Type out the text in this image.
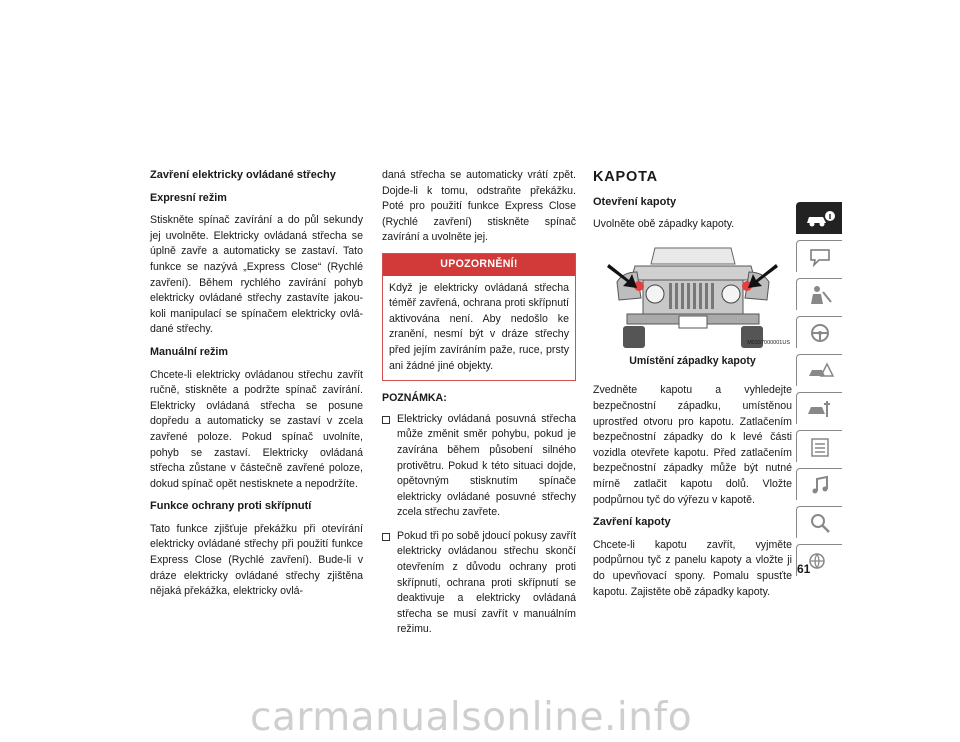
Zavření elektricky ovládané střechy
Expresní režim

Stiskněte spínač zavírání a do půl sekundy jej uvolněte. Elektricky ovládaná střecha se úplně zavře a automaticky se zastaví. Tato funkce se nazývá „Express Close“ (Rychlé zavření). Během rychlého zavírání pohyb elektricky ovládané střechy zastavíte jakoukoli manipulací se spínačem elektricky ovládané střechy.

Manuální režim

Chcete-li elektricky ovládanou střechu zavřít ručně, stiskněte a podržte spínač zavírání. Elektricky ovládaná střecha se posune dopředu a automaticky se zastaví v zcela zavřené poloze. Pokud spínač uvolníte, pohyb se zastaví. Elektricky ovládaná střecha zůstane v částečně zavřené poloze, dokud spínač opět nestisknete a nepodržíte.

Funkce ochrany proti skřípnutí

Tato funkce zjišťuje překážku při otevírání elektricky ovládané střechy při použití funkce Express Close (Rychlé zavření). Bude-li v dráze elektricky ovládané střechy zjištěna nějaká překážka, elektricky ovlá-

daná střecha se automaticky vrátí zpět. Dojde-li k tomu, odstraňte překážku. Poté pro použití funkce Express Close (Rychlé zavření) stiskněte spínač zavírání a uvolněte jej.

UPOZORNĚNÍ!
Když je elektricky ovládaná střecha téměř zavřená, ochrana proti skřípnutí aktivována není. Aby nedošlo ke zranění, nesmí být v dráze střechy před jejím zavíráním paže, ruce, prsty ani žádné jiné objekty.
POZNÁMKA:
Elektricky ovládaná posuvná střecha může změnit směr pohybu, pokud je zavírána během působení silného protivětru. Pokud k této situaci dojde, opětovným stisknutím spínače elektricky ovládané posuvné střechy zcela střechu zavřete.
Pokud tři po sobě jdoucí pokusy zavřít elektricky ovládanou střechu skončí otevřením z důvodu ochrany proti skřípnutí, ochrana proti skřípnutí se deaktivuje a elektricky ovládaná střecha se musí zavřít v manuálním režimu.
KAPOTA
Otevření kapoty

Uvolněte obě západky kapoty.

M0337000001US
Umístění západky kapoty

Zvedněte kapotu a vyhledejte bezpečnostní západku, umístěnou uprostřed otvoru pro kapotu. Zatlačením bezpečnostní západky do k levé části vozidla otevřete kapotu. Před zatlačením bezpečnostní západky může být nutné mírně zatlačit kapotu dolů. Vložte podpůrnou tyč do výřezu v kapotě.

Zavření kapoty

Chcete-li kapotu zavřít, vyjměte podpůrnou tyč z panelu kapoty a vložte ji do upevňovací spony. Pomalu spusťte kapotu. Zajistěte obě západky kapoty.

61
carmanualsonline.info
